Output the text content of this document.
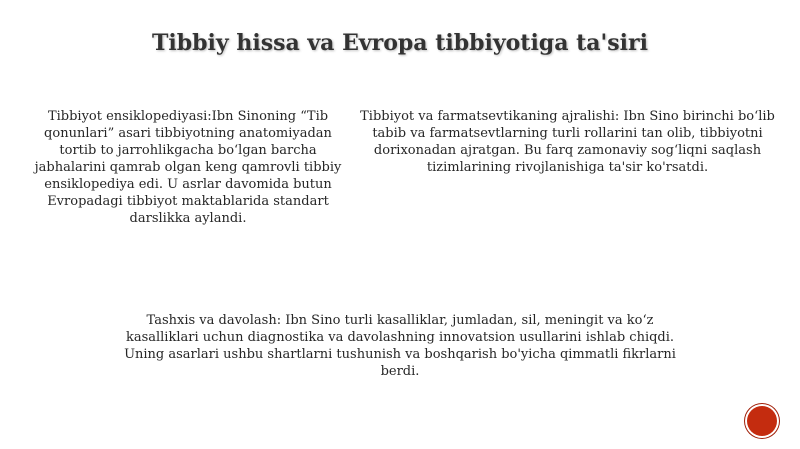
Tibbiy hissa va Evropa tibbiyotiga ta'siri

Tibbiyot ensiklopediyasi:Ibn Sinoning “Tib qonunlari” asari tibbiyotning anatomiyadan tortib to jarrohlikgacha bo‘lgan barcha jabhalarini qamrab olgan keng qamrovli tibbiy ensiklopediya edi. U asrlar davomida butun Evropadagi tibbiyot maktablarida standart darslikka aylandi.

Tibbiyot va farmatsevtikaning ajralishi: Ibn Sino birinchi bo‘lib tabib va farmatsevtlarning turli rollarini tan olib, tibbiyotni dorixonadan ajratgan. Bu farq zamonaviy sog‘liqni saqlash tizimlarining rivojlanishiga ta'sir ko'rsatdi.

Tashxis va davolash: Ibn Sino turli kasalliklar, jumladan, sil, meningit va ko‘z kasalliklari uchun diagnostika va davolashning innovatsion usullarini ishlab chiqdi. Uning asarlari ushbu shartlarni tushunish va boshqarish bo'yicha qimmatli fikrlarni berdi.
